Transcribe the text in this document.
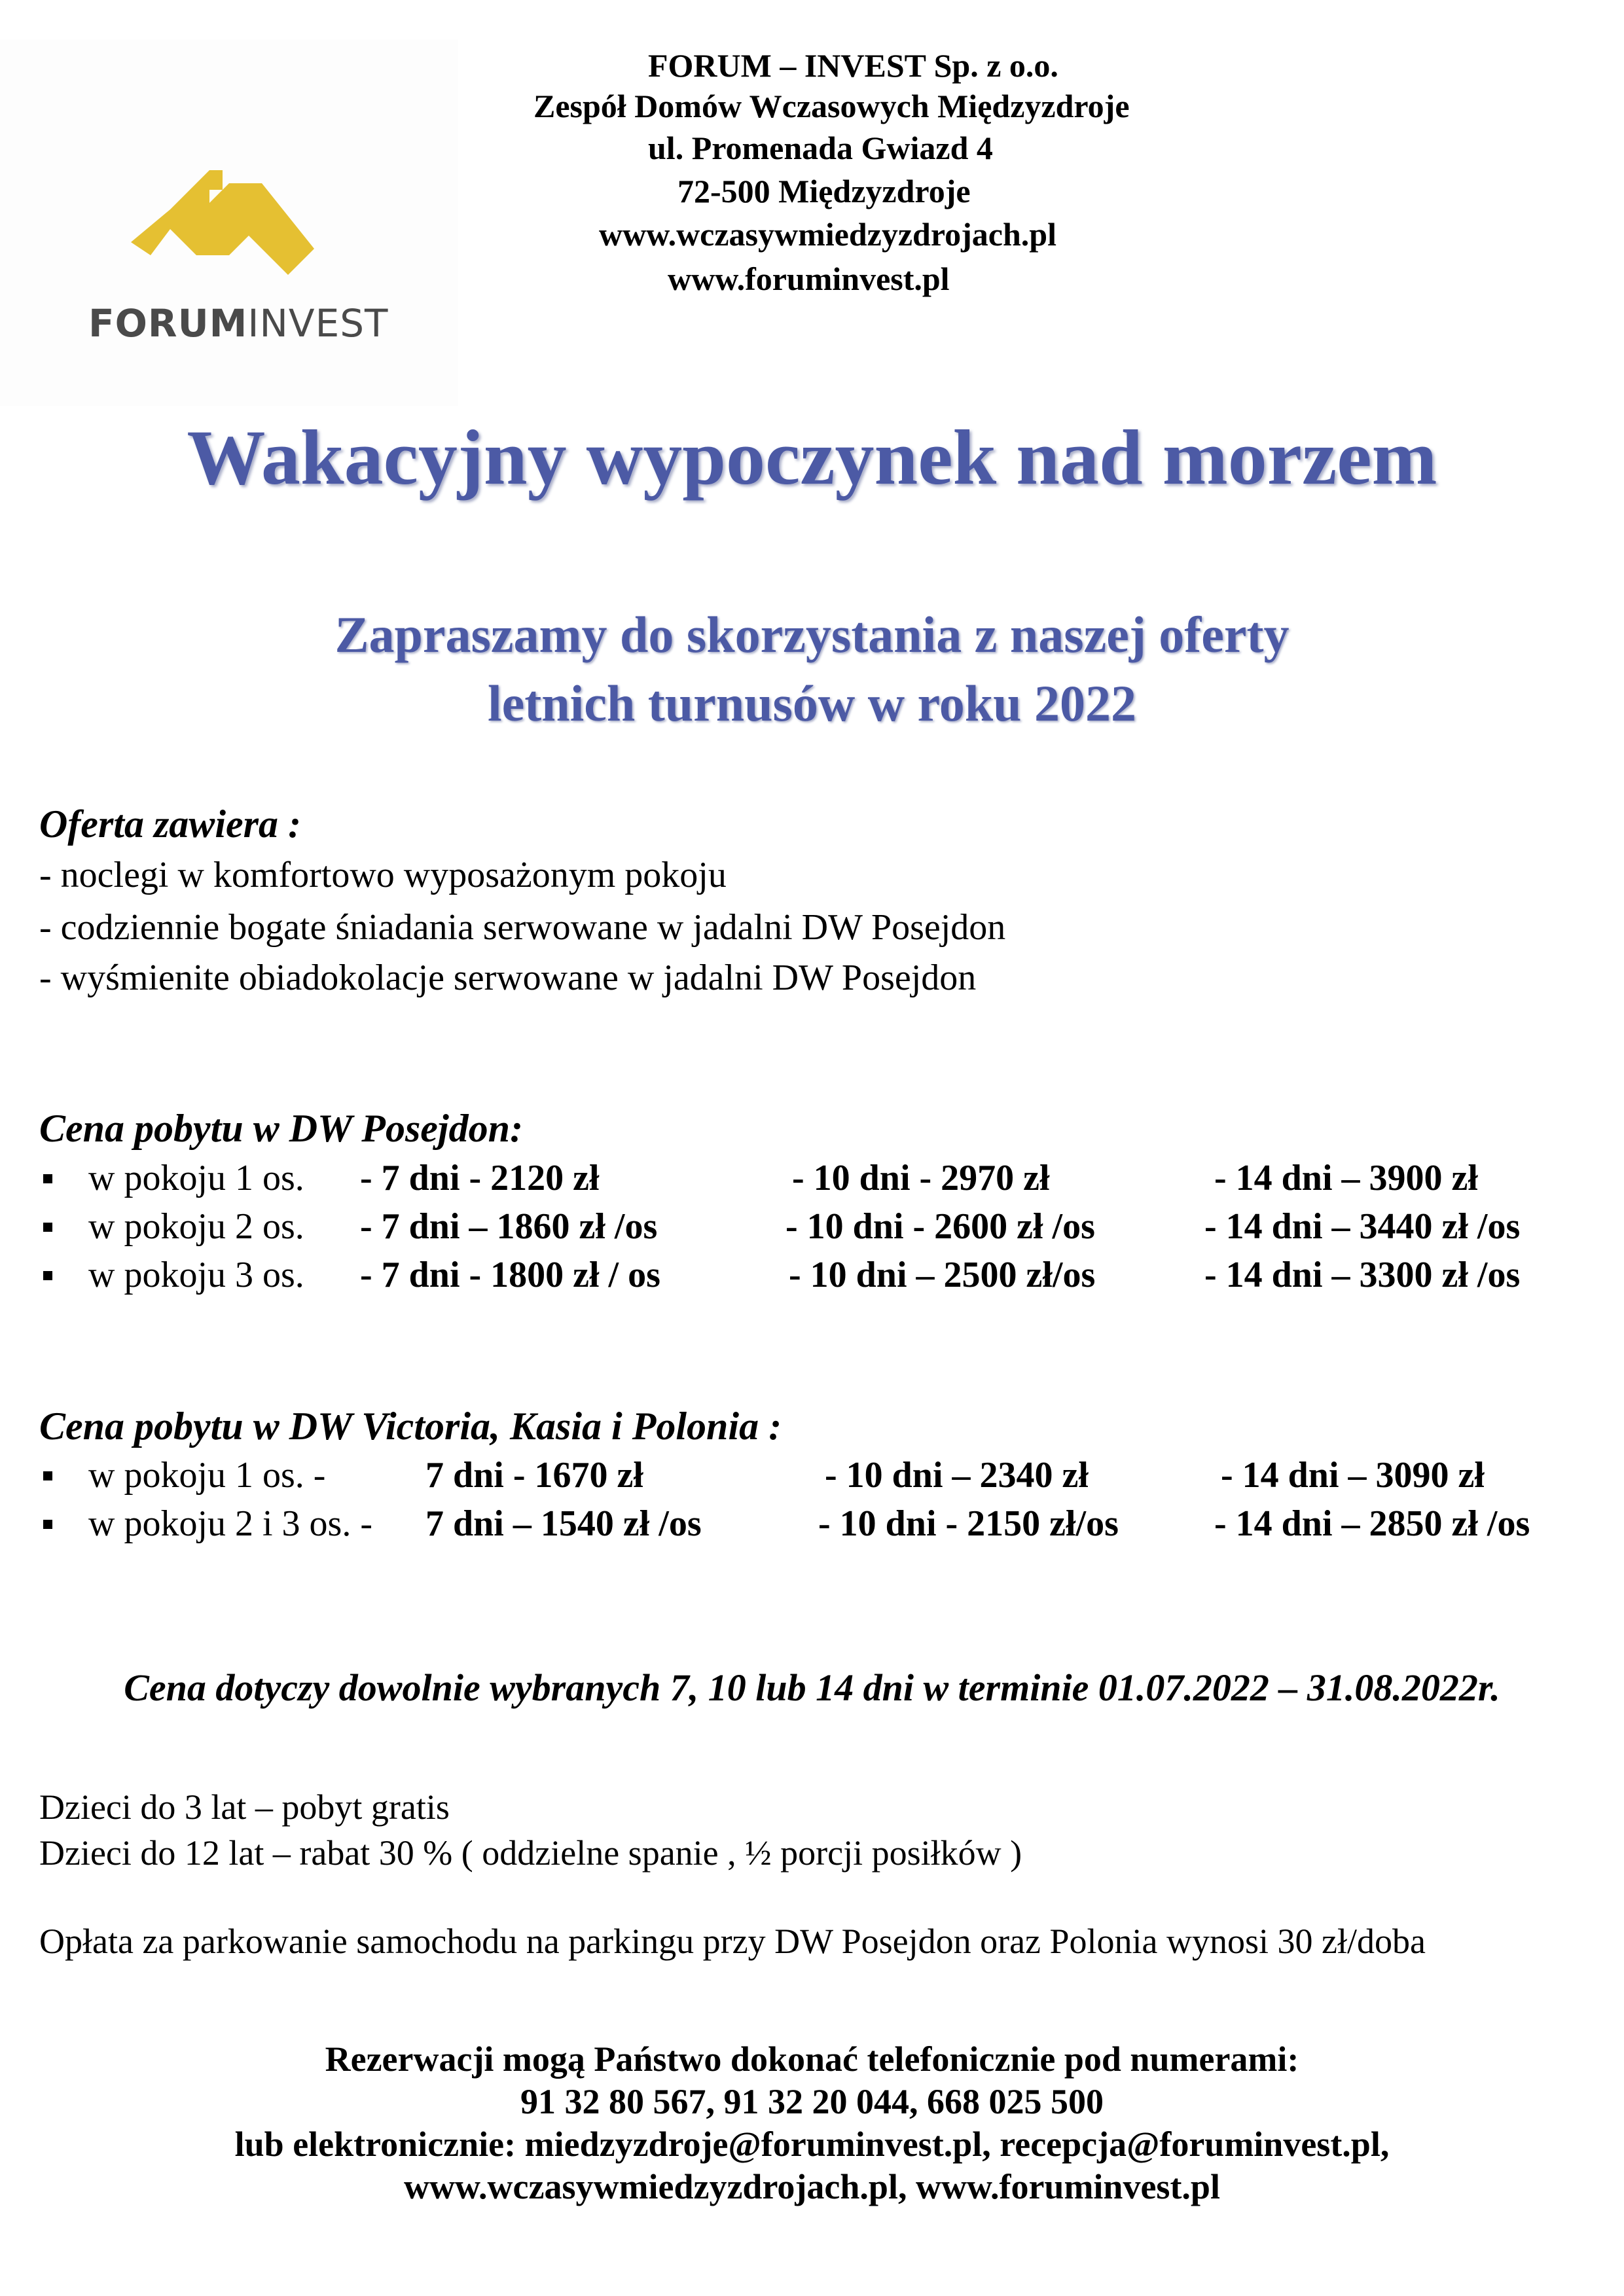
FORUMINVEST
FORUM – INVEST Sp. z o.o.
Zespół Domów Wczasowych Międzyzdroje
ul. Promenada Gwiazd 4
72-500 Międzyzdroje
www.wczasywmiedzyzdrojach.pl
www.foruminvest.pl
Wakacyjny wypoczynek nad morzem
Zapraszamy do skorzystania z naszej oferty
letnich turnusów w roku 2022
Oferta zawiera :
- noclegi w komfortowo wyposażonym pokoju
- codziennie bogate śniadania serwowane w jadalni DW Posejdon
- wyśmienite obiadokolacje serwowane w jadalni DW Posejdon
Cena pobytu w DW Posejdon:
w pokoju 1 os. - 7 dni - 2120 zł	- 10 dni - 2970 zł	- 14 dni – 3900 zł
w pokoju 2 os. - 7 dni – 1860 zł /os	- 10 dni - 2600 zł /os	- 14 dni – 3440 zł /os
w pokoju 3 os. - 7 dni - 1800 zł / os	- 10 dni – 2500 zł/os	- 14 dni – 3300 zł /os
Cena pobytu w DW Victoria, Kasia i Polonia :
w pokoju 1 os. -	7 dni - 1670 zł	- 10 dni – 2340 zł	- 14 dni – 3090 zł
w pokoju 2 i 3 os. - 7 dni – 1540 zł /os	- 10 dni - 2150 zł/os	- 14 dni – 2850 zł /os
Cena dotyczy dowolnie wybranych 7, 10 lub 14 dni w terminie 01.07.2022 – 31.08.2022r.
Dzieci do 3 lat – pobyt gratis
Dzieci do 12 lat – rabat 30 % ( oddzielne spanie , ½ porcji posiłków )
Opłata za parkowanie samochodu na parkingu przy DW Posejdon oraz Polonia wynosi 30 zł/doba
Rezerwacji mogą Państwo dokonać telefonicznie pod numerami:
91 32 80 567, 91 32 20 044, 668 025 500
lub elektronicznie: miedzyzdroje@foruminvest.pl, recepcja@foruminvest.pl,
www.wczasywmiedzyzdrojach.pl, www.foruminvest.pl
